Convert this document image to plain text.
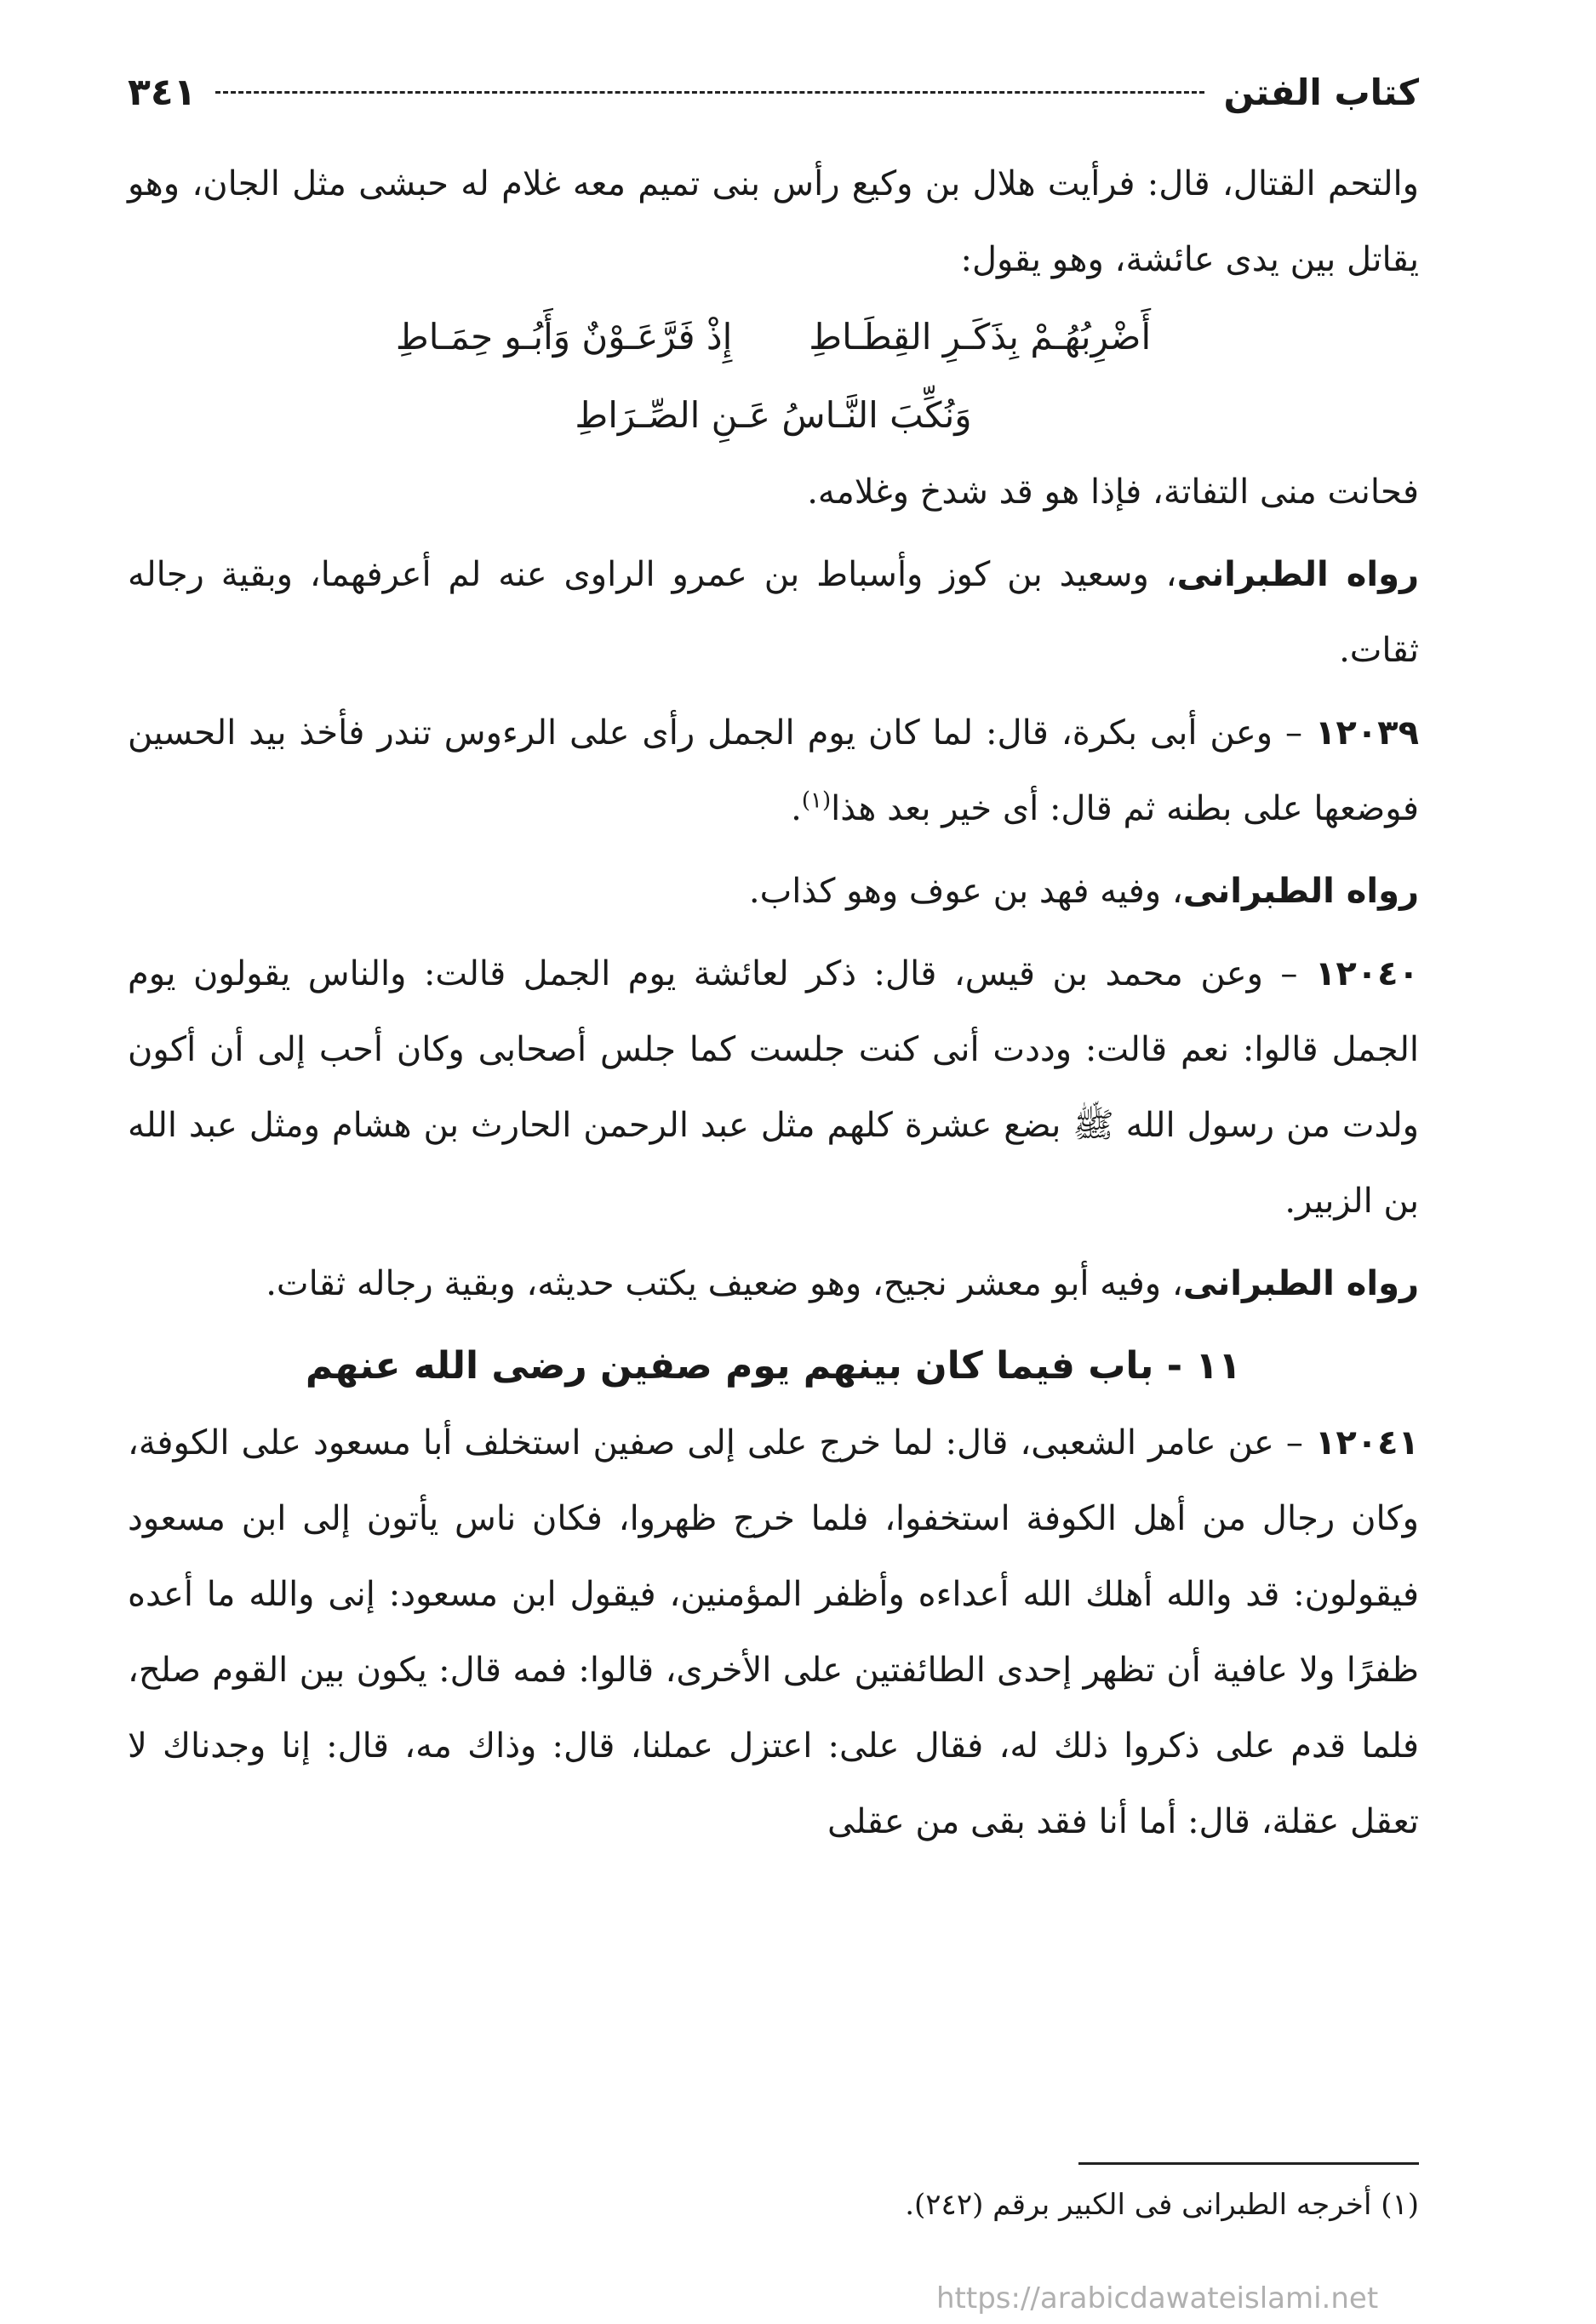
كتاب الفتن
٣٤١

والتحم القتال، قال: فرأيت هلال بن وكيع رأس بنى تميم معه غلام له حبشى مثل الجان، وهو يقاتل بين يدى عائشة، وهو يقول:

أَضْرِبُهُـمْ بِذَكَـرِ القِطَـاطِ
إِذْ فَرَّعَـوْنٌ وَأَبُـو حِمَـاطِ
وَنُكِّبَ النَّـاسُ عَـنِ الصِّـرَاطِ

فحانت منى التفاتة، فإذا هو قد شدخ وغلامه.

رواه الطبرانى، وسعيد بن كوز وأسباط بن عمرو الراوى عنه لم أعرفهما، وبقية رجاله ثقات.

١٢٠٣٩ – وعن أبى بكرة، قال: لما كان يوم الجمل رأى على الرءوس تندر فأخذ بيد الحسين فوضعها على بطنه ثم قال: أى خير بعد هذا$^{(١)}$.

رواه الطبرانى، وفيه فهد بن عوف وهو كذاب.

١٢٠٤٠ – وعن محمد بن قيس، قال: ذكر لعائشة يوم الجمل قالت: والناس يقولون يوم الجمل قالوا: نعم قالت: وددت أنى كنت جلست كما جلس أصحابى وكان أحب إلى أن أكون ولدت من رسول الله ﷺ بضع عشرة كلهم مثل عبد الرحمن الحارث بن هشام ومثل عبد الله بن الزبير.

رواه الطبرانى، وفيه أبو معشر نجيح، وهو ضعيف يكتب حديثه، وبقية رجاله ثقات.

١١ - باب فيما كان بينهم يوم صفين رضى الله عنهم

١٢٠٤١ – عن عامر الشعبى، قال: لما خرج على إلى صفين استخلف أبا مسعود على الكوفة، وكان رجال من أهل الكوفة استخفوا، فلما خرج ظهروا، فكان ناس يأتون إلى ابن مسعود فيقولون: قد والله أهلك الله أعداءه وأظفر المؤمنين، فيقول ابن مسعود: إنى والله ما أعده ظفرًا ولا عافية أن تظهر إحدى الطائفتين على الأخرى، قالوا: فمه قال: يكون بين القوم صلح، فلما قدم على ذكروا ذلك له، فقال على: اعتزل عملنا، قال: وذاك مه، قال: إنا وجدناك لا تعقل عقلة، قال: أما أنا فقد بقى من عقلى

(١) أخرجه الطبرانى فى الكبير برقم (٢٤٢).
https://arabicdawateislami.net
